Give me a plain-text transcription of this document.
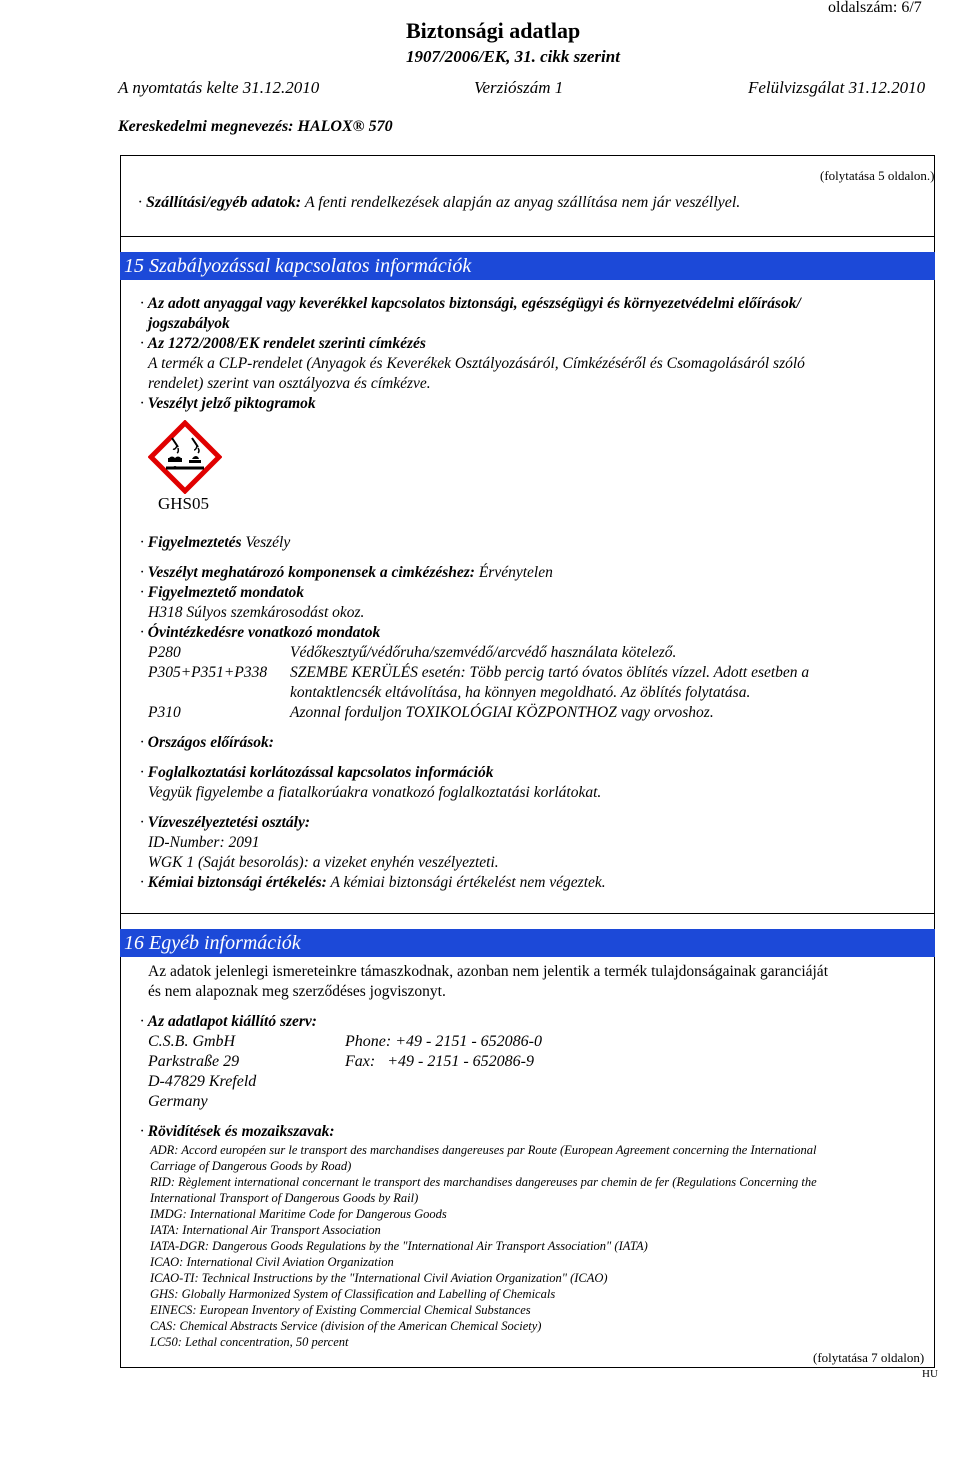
oldalszám: 6/7
Biztonsági adatlap
1907/2006/EK, 31. cikk szerint
A nyomtatás kelte 31.12.2010	Verziószám 1	Felülvizsgálat 31.12.2010
Kereskedelmi megnevezés: HALOX® 570
(folytatása 5 oldalon.)
· Szállítási/egyéb adatok: A fenti rendelkezések alapján az anyag szállítása nem jár veszéllyel.
15 Szabályozással kapcsolatos információk
· Az adott anyaggal vagy keverékkel kapcsolatos biztonsági, egészségügyi és környezetvédelmi előírások/
jogszabályok
· Az 1272/2008/EK rendelet szerinti címkézés
A termék a CLP-rendelet (Anyagok és Keverékek Osztályozásáról, Címkézéséről és Csomagolásáról szóló
rendelet) szerint van osztályozva és címkézve.
· Veszélyt jelző piktogramok
GHS05
· Figyelmeztetés Veszély
· Veszélyt meghatározó komponensek a cimkézéshez: Érvénytelen
· Figyelmeztető mondatok
H318 Súlyos szemkárosodást okoz.
· Óvintézkedésre vonatkozó mondatok
P280	Védőkesztyű/védőruha/szemvédő/arcvédő használata kötelező.
P305+P351+P338 SZEMBE KERÜLÉS esetén: Több percig tartó óvatos öblítés vízzel. Adott esetben a
kontaktlencsék eltávolítása, ha könnyen megoldható. Az öblítés folytatása.
P310	Azonnal forduljon TOXIKOLÓGIAI KÖZPONTHOZ vagy orvoshoz.
· Országos előírások:
· Foglalkoztatási korlátozással kapcsolatos információk
Vegyük figyelembe a fiatalkorúakra vonatkozó foglalkoztatási korlátokat.
· Vízveszélyeztetési osztály:
ID-Number: 2091
WGK 1 (Saját besorolás): a vizeket enyhén veszélyezteti.
· Kémiai biztonsági értékelés: A kémiai biztonsági értékelést nem végeztek.
16 Egyéb információk
Az adatok jelenlegi ismereteinkre támaszkodnak, azonban nem jelentik a termék tulajdonságainak garanciáját
és nem alapoznak meg szerződéses jogviszonyt.
· Az adatlapot kiállító szerv:
C.S.B. GmbH
Parkstraße 29
D-47829 Krefeld
Germany
Phone: +49 - 2151 - 652086-0
Fax:   +49 - 2151 - 652086-9
· Rövidítések és mozaikszavak:
ADR: Accord européen sur le transport des marchandises dangereuses par Route (European Agreement concerning the International
Carriage of Dangerous Goods by Road)
RID: Règlement international concernant le transport des marchandises dangereuses par chemin de fer (Regulations Concerning the
International Transport of Dangerous Goods by Rail)
IMDG: International Maritime Code for Dangerous Goods
IATA: International Air Transport Association
IATA-DGR: Dangerous Goods Regulations by the "International Air Transport Association" (IATA)
ICAO: International Civil Aviation Organization
ICAO-TI: Technical Instructions by the "International Civil Aviation Organization" (ICAO)
GHS: Globally Harmonized System of Classification and Labelling of Chemicals
EINECS: European Inventory of Existing Commercial Chemical Substances
CAS: Chemical Abstracts Service (division of the American Chemical Society)
LC50: Lethal concentration, 50 percent
(folytatása 7 oldalon)
HU
